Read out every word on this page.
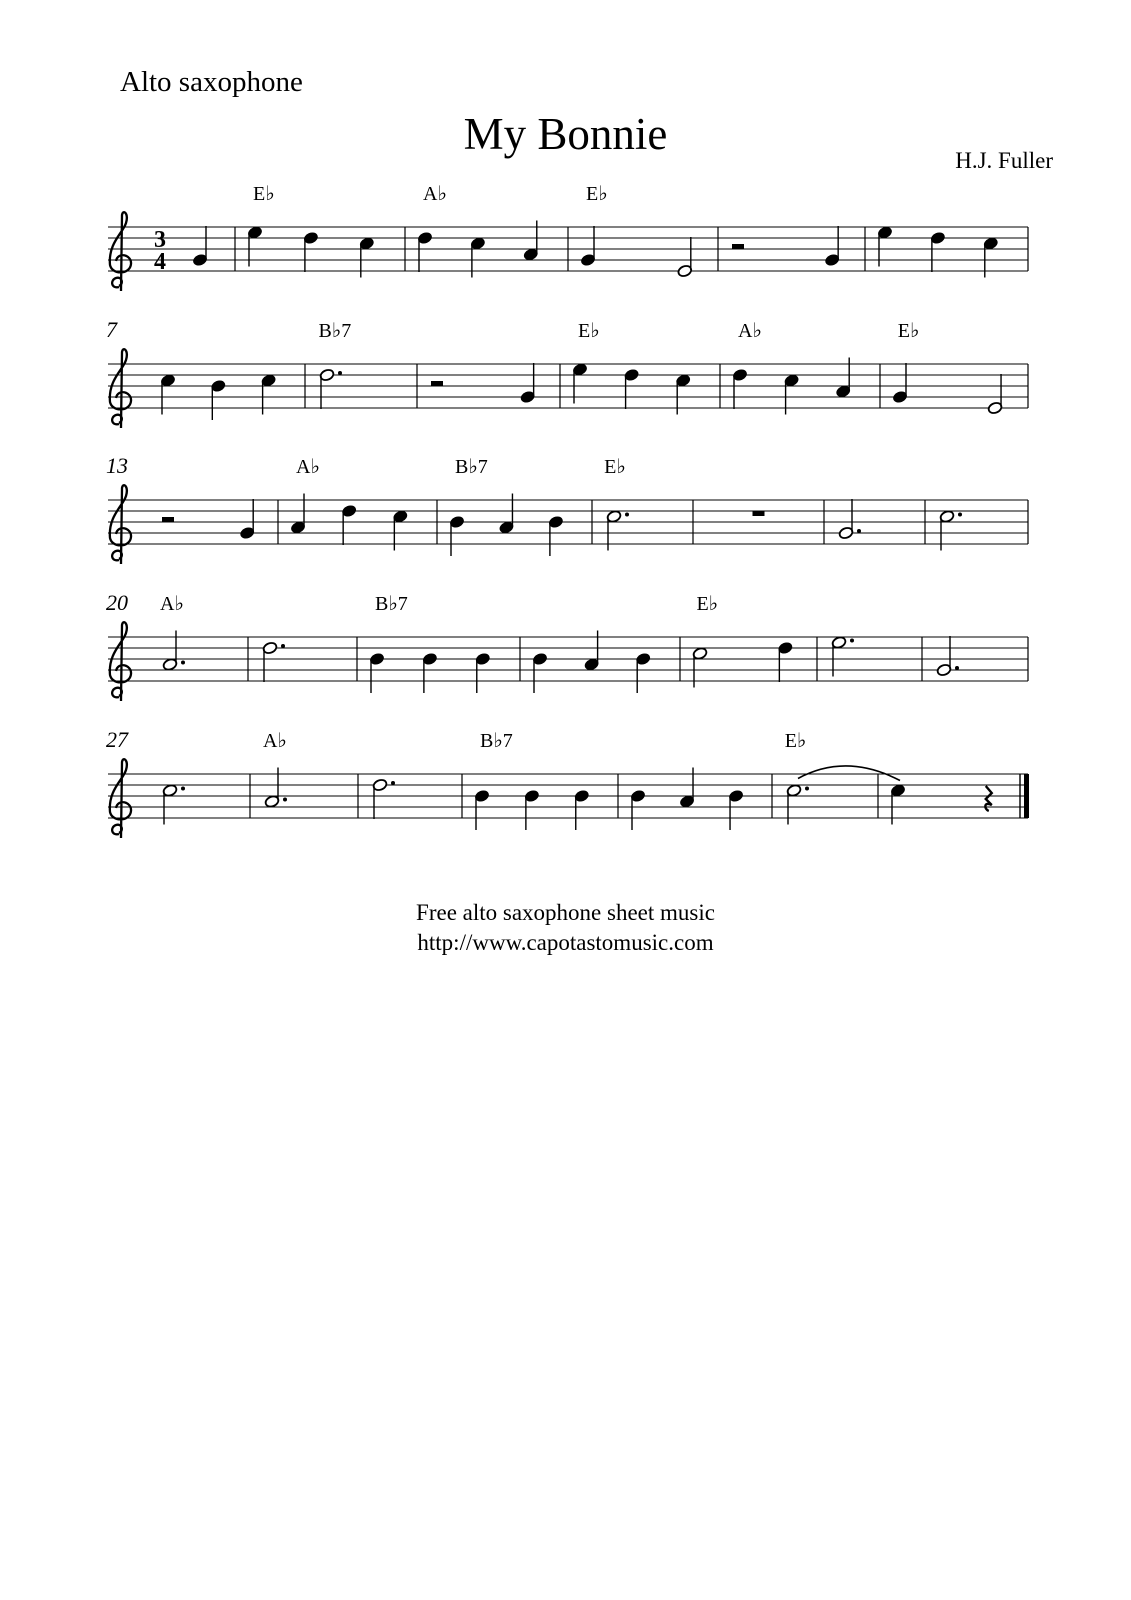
Alto saxophone
My Bonnie
H.J. Fuller
3
4
E♭	A♭	E♭
7	B♭7	E♭	A♭	E♭
13	A♭	B♭7	E♭
20 A♭	B♭7	E♭
27	A♭	B♭7	E♭
Free alto saxophone sheet music
http://www.capotastomusic.com
